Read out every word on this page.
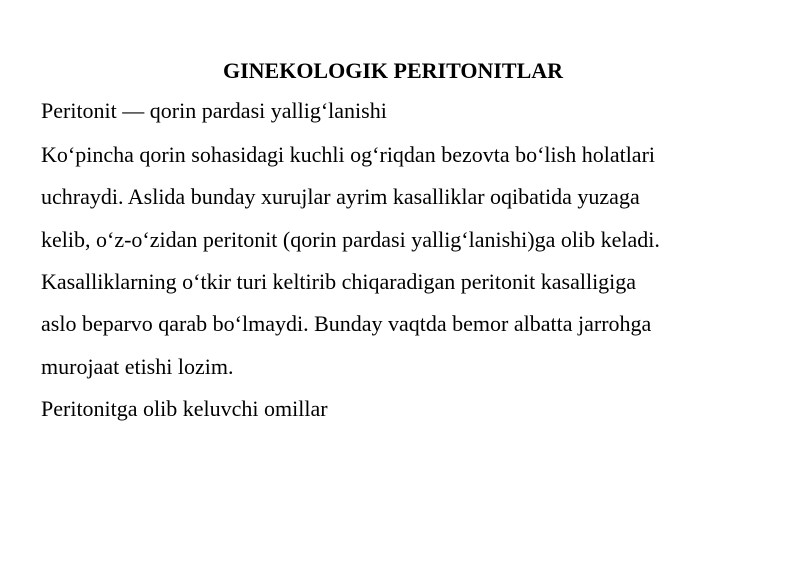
GINEKOLOGIK PERITONITLAR

Peritonit — qorin pardasi yallig‘lanishi

Ko‘pincha qorin sohasidagi kuchli og‘riqdan bezovta bo‘lish holatlari

uchraydi. Aslida bunday xurujlar ayrim kasalliklar oqibatida yuzaga

kelib, o‘z-o‘zidan peritonit (qorin pardasi yallig‘lanishi)ga olib keladi.

Kasalliklarning o‘tkir turi keltirib chiqaradigan peritonit kasalligiga

aslo beparvo qarab bo‘lmaydi. Bunday vaqtda bemor albatta jarrohga

murojaat etishi lozim.

Peritonitga olib keluvchi omillar
